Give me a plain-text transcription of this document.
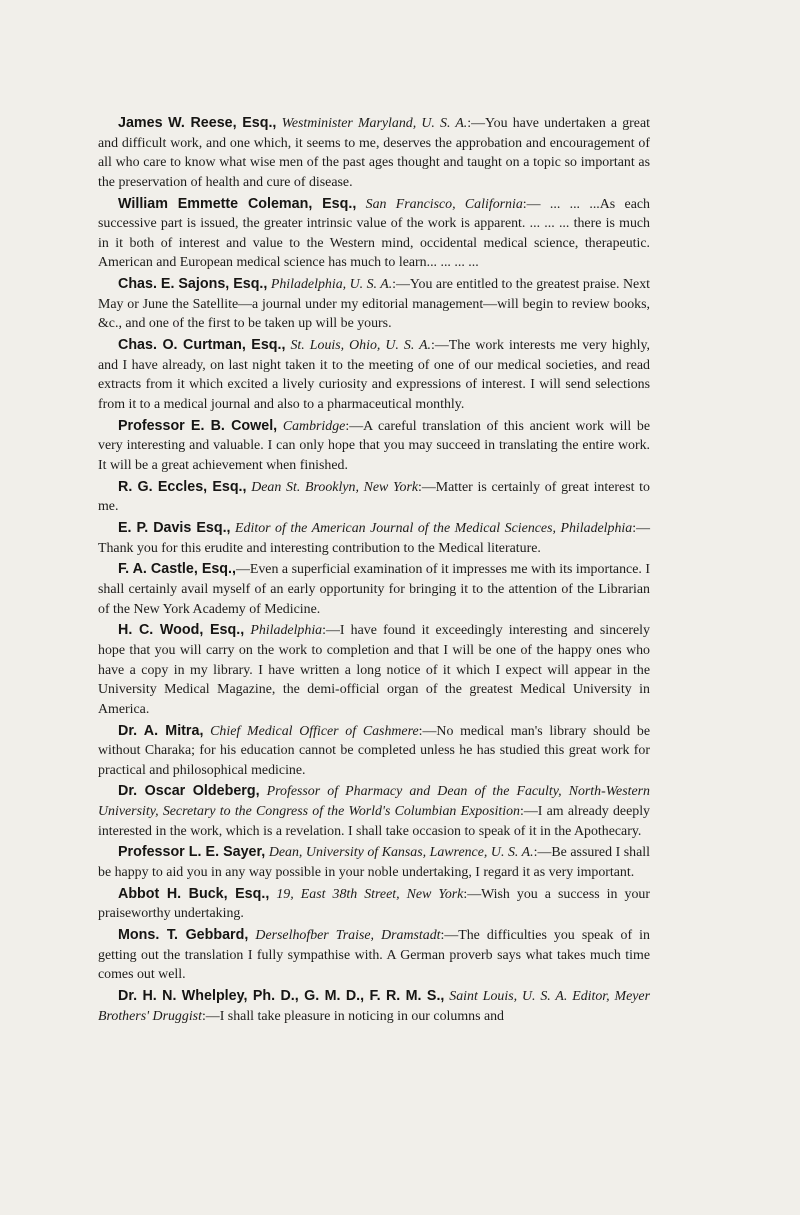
James W. Reese, Esq., Westminister Maryland, U. S. A.:—You have undertaken a great and difficult work, and one which, it seems to me, deserves the approbation and encouragement of all who care to know what wise men of the past ages thought and taught on a topic so important as the preservation of health and cure of disease.

William Emmette Coleman, Esq., San Francisco, California:— ... ... ...As each successive part is issued, the greater intrinsic value of the work is apparent. ... ... ... there is much in it both of interest and value to the Western mind, occidental medical science, therapeutic. American and European medical science has much to learn... ... ... ...

Chas. E. Sajons, Esq., Philadelphia, U. S. A.:—You are entitled to the greatest praise. Next May or June the Satellite—a journal under my editorial management—will begin to review books, &c., and one of the first to be taken up will be yours.

Chas. O. Curtman, Esq., St. Louis, Ohio, U. S. A.:—The work interests me very highly, and I have already, on last night taken it to the meeting of one of our medical societies, and read extracts from it which excited a lively curiosity and expressions of interest. I will send selections from it to a medical journal and also to a pharmaceutical monthly.

Professor E. B. Cowel, Cambridge:—A careful translation of this ancient work will be very interesting and valuable. I can only hope that you may succeed in translating the entire work. It will be a great achievement when finished.

R. G. Eccles, Esq., Dean St. Brooklyn, New York:—Matter is certainly of great interest to me.

E. P. Davis Esq., Editor of the American Journal of the Medical Sciences, Philadelphia:—Thank you for this erudite and interesting contribution to the Medical literature.

F. A. Castle, Esq.,—Even a superficial examination of it impresses me with its importance. I shall certainly avail myself of an early opportunity for bringing it to the attention of the Librarian of the New York Academy of Medicine.

H. C. Wood, Esq., Philadelphia:—I have found it exceedingly interesting and sincerely hope that you will carry on the work to completion and that I will be one of the happy ones who have a copy in my library. I have written a long notice of it which I expect will appear in the University Medical Magazine, the demi-official organ of the greatest Medical University in America.

Dr. A. Mitra, Chief Medical Officer of Cashmere:—No medical man's library should be without Charaka; for his education cannot be completed unless he has studied this great work for practical and philosophical medicine.

Dr. Oscar Oldeberg, Professor of Pharmacy and Dean of the Faculty, North-Western University, Secretary to the Congress of the World's Columbian Exposition:—I am already deeply interested in the work, which is a revelation. I shall take occasion to speak of it in the Apothecary.

Professor L. E. Sayer, Dean, University of Kansas, Lawrence, U. S. A.:—Be assured I shall be happy to aid you in any way possible in your noble undertaking, I regard it as very important.

Abbot H. Buck, Esq., 19, East 38th Street, New York:—Wish you a success in your praiseworthy undertaking.

Mons. T. Gebbard, Derselhofber Traise, Dramstadt:—The difficulties you speak of in getting out the translation I fully sympathise with. A German proverb says what takes much time comes out well.

Dr. H. N. Whelpley, Ph. D., G. M. D., F. R. M. S., Saint Louis, U. S. A. Editor, Meyer Brothers' Druggist:—I shall take pleasure in noticing in our columns and
